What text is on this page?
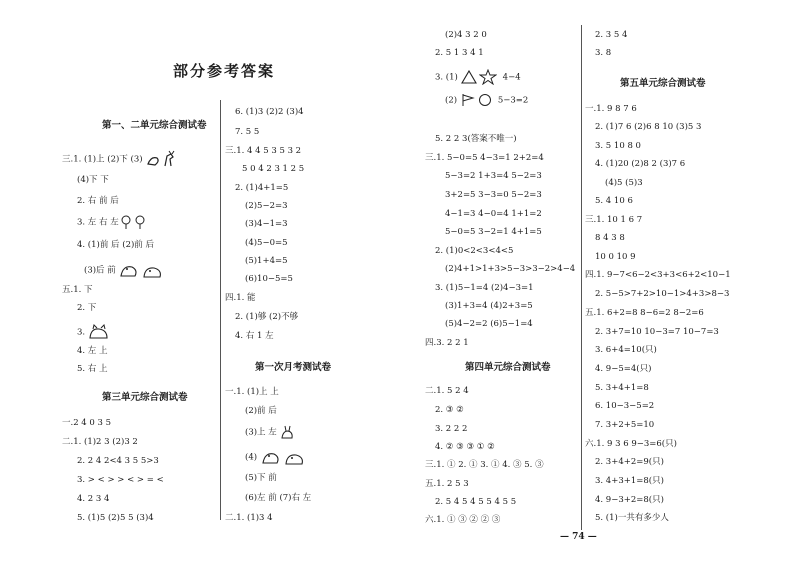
部分参考答案
第一、二单元综合测试卷
三.1. (1)上 (2)下 (3)
(4)下 下
2. 右 前 后
3. 左 右 左
4. (1)前 后 (2)前 后
(3)后 前
五.1. 下
2. 下
3.
4. 左 上
5. 右 上
第三单元综合测试卷
一.2 4 0 3 5
二.1. (1)2 3 (2)3 2
2. 2 4 2<4 3 5 5>3
3. > < > > < > = <
4. 2 3 4
5. (1)5 (2)5 5 (3)4
6. (1)3 (2)2 (3)4
7. 5 5
三.1. 4 4 5 3 5 3 2
5 0 4 2 3 1 2 5
2. (1)4+1=5
(2)5−2=3
(3)4−1=3
(4)5−0=5
(5)1+4=5
(6)10−5=5
四.1. 能
2. (1)够 (2)不够
4. 右 1 左
第一次月考测试卷
一.1. (1)上 上
(2)前 后
(3)上 左
(4)
(5)下 前
(6)左 前 (7)右 左
二.1. (1)3 4
(2)4 3 2 0
2. 5 1 3 4 1
3. (1)	4−4
(2)	5−3=2
5. 2 2 3(答案不唯一)
三.1. 5−0=5 4−3=1 2+2=4
5−3=2 1+3=4 5−2=3
3+2=5 3−3=0 5−2=3
4−1=3 4−0=4 1+1=2
5−0=5 3−2=1 4+1=5
2. (1)0<2<3<4<5
(2)4+1>1+3>5−3>3−2>4−4
3. (1)5−1=4 (2)4−3=1
(3)1+3=4 (4)2+3=5
(5)4−2=2 (6)5−1=4
四.3. 2 2 1
第四单元综合测试卷
二.1. 5 2 4
2. ③ ②
3. 2 2 2
4. ② ③ ③ ① ②
三.1. ① 2. ① 3. ① 4. ③ 5. ③
五.1. 2 5 3
2. 5 4 5 4 5 5 4 5 5
六.1. ① ③ ② ② ③
2. 3 5 4
3. 8
第五单元综合测试卷
一.1. 9 8 7 6
2. (1)7 6 (2)6 8 10 (3)5 3
3. 5 10 8 0
4. (1)20 (2)8 2 (3)7 6
(4)5 (5)3
5. 4 10 6
三.1. 10 1 6 7
8 4 3 8
10 0 10 9
四.1. 9−7<6−2<3+3<6+2<10−1
2. 5−5>7+2>10−1>4+3>8−3
五.1. 6+2=8 8−6=2 8−2=6
2. 3+7=10 10−3=7 10−7=3
3. 6+4=10(只)
4. 9−5=4(只)
5. 3+4+1=8
6. 10−3−5=2
7. 3+2+5=10
六.1. 9 3 6 9−3=6(只)
2. 3+4+2=9(只)
3. 4+3+1=8(只)
4. 9−3+2=8(只)
5. (1)一共有多少人
— 74 —
